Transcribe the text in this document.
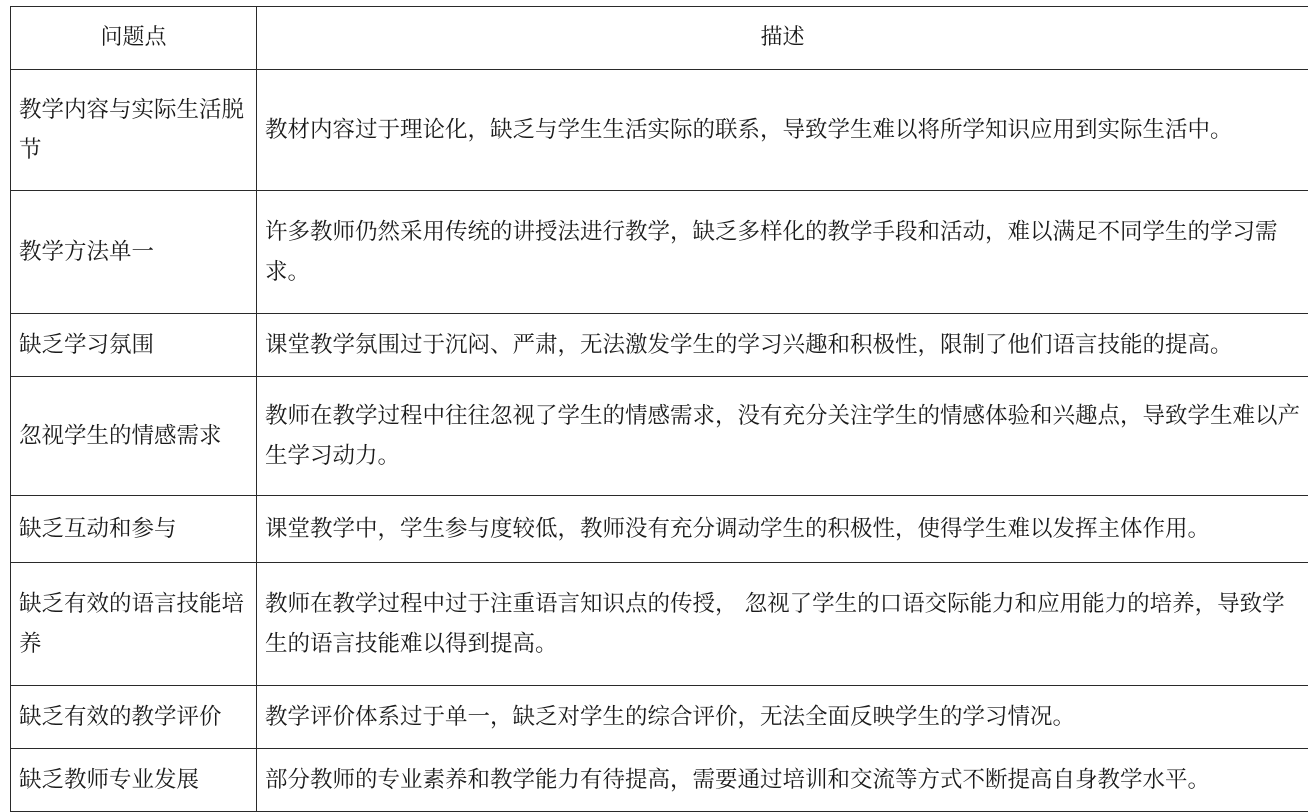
问题点	描述
教学内容与实际生活脱节	教材内容过于理论化，缺乏与学生生活实际的联系，导致学生难以将所学知识应用到实际生活中。
教学方法单一	许多教师仍然采用传统的讲授法进行教学，缺乏多样化的教学手段和活动，难以满足不同学生的学习需求。
缺乏学习氛围	课堂教学氛围过于沉闷、严肃，无法激发学生的学习兴趣和积极性，限制了他们语言技能的提高。
忽视学生的情感需求	教师在教学过程中往往忽视了学生的情感需求，没有充分关注学生的情感体验和兴趣点，导致学生难以产生学习动力。
缺乏互动和参与	课堂教学中，学生参与度较低，教师没有充分调动学生的积极性，使得学生难以发挥主体作用。
缺乏有效的语言技能培养	教师在教学过程中过于注重语言知识点的传授， 忽视了学生的口语交际能力和应用能力的培养，导致学生的语言技能难以得到提高。
缺乏有效的教学评价	教学评价体系过于单一，缺乏对学生的综合评价，无法全面反映学生的学习情况。
缺乏教师专业发展	部分教师的专业素养和教学能力有待提高，需要通过培训和交流等方式不断提高自身教学水平。
